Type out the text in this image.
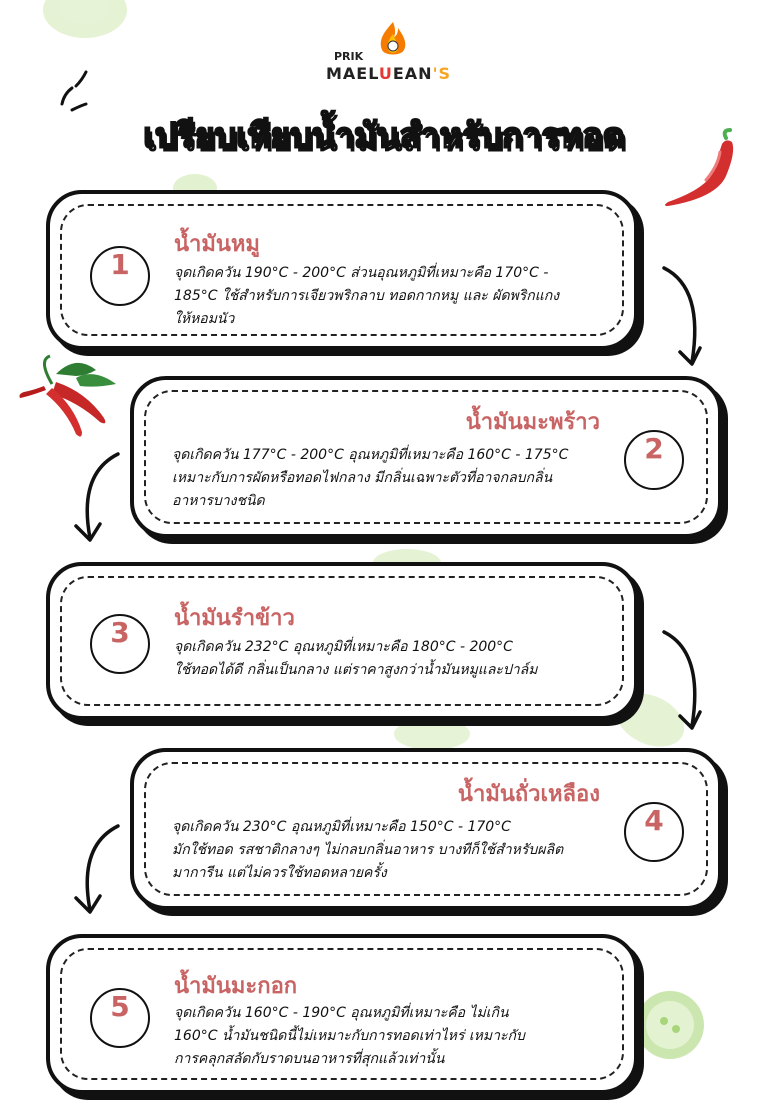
PRIK
MAELUEAN'S
เปรียบเทียบน้ำมันสำหรับการทอด
1
น้ำมันหมู
จุดเกิดควัน 190°C - 200°C ส่วนอุณหภูมิที่เหมาะคือ 170°C -
185°C ใช้สำหรับการเจียวพริกลาบ ทอดกากหมู และ ผัดพริกแกง
ให้หอมนัว
น้ำมันมะพร้าว
จุดเกิดควัน 177°C - 200°C อุณหภูมิที่เหมาะคือ 160°C - 175°C
เหมาะกับการผัดหรือทอดไฟกลาง มีกลิ่นเฉพาะตัวที่อาจกลบกลิ่น
อาหารบางชนิด
2
3	น้ำมันรำข้าว
จุดเกิดควัน 232°C อุณหภูมิที่เหมาะคือ 180°C - 200°C
ใช้ทอดได้ดี กลิ่นเป็นกลาง แต่ราคาสูงกว่าน้ำมันหมูและปาล์ม
น้ำมันถั่วเหลือง
จุดเกิดควัน 230°C อุณหภูมิที่เหมาะคือ 150°C - 170°C
มักใช้ทอด รสชาติกลางๆ ไม่กลบกลิ่นอาหาร บางทีก็ใช้สำหรับผลิต
มาการีน แต่ไม่ควรใช้ทอดหลายครั้ง
4
5
น้ำมันมะกอก
จุดเกิดควัน 160°C - 190°C อุณหภูมิที่เหมาะคือ ไม่เกิน
160°C น้ำมันชนิดนี้ไม่เหมาะกับการทอดเท่าไหร่ เหมาะกับ
การคลุกสลัดกับราดบนอาหารที่สุกแล้วเท่านั้น
